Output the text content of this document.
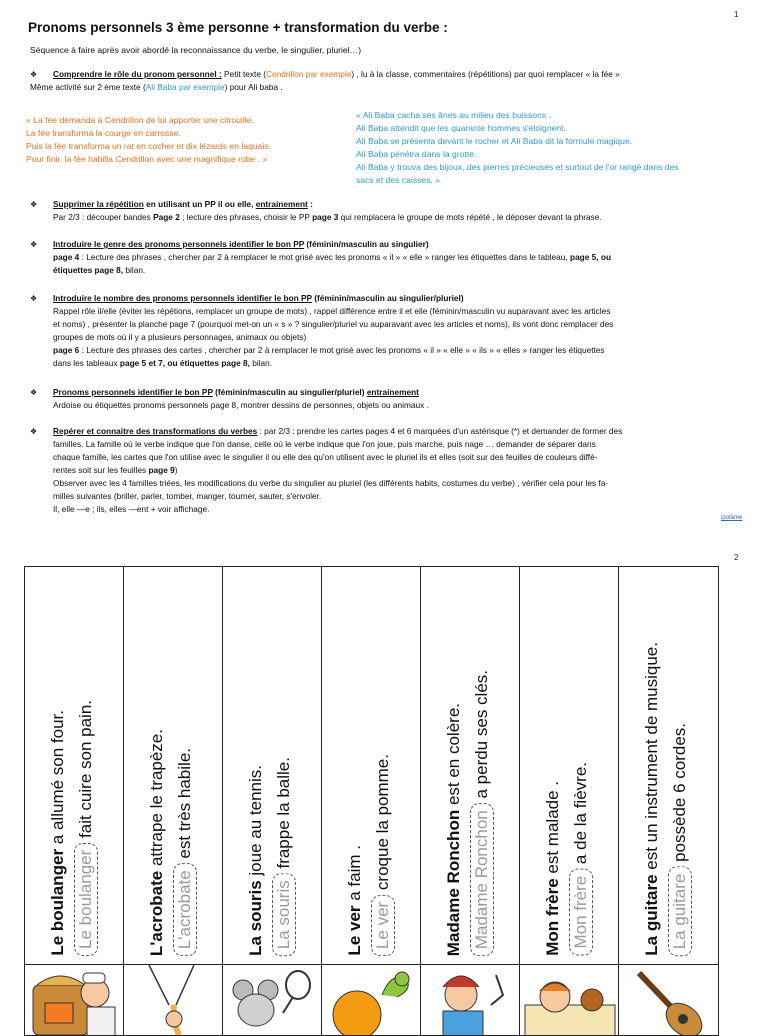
1
Pronoms personnels 3 ème personne + transformation du verbe :
Séquence à faire après avoir abordé la reconnaissance du verbe, le singulier, pluriel…)
❖ Comprendre le rôle du pronom personnel : Petit texte (Cendrillon par exemple) , lu à la classe, commentaires (répétitions) par quoi remplacer « la fée »
Même activité sur 2 ème texte (Ali Baba par exemple) pour Ali baba .
« La fée demanda à Cendrillon de lui apporter une citrouille.
La fée transforma la courge en carrosse.
Puis la fée transforma un rat en cocher et dix lézards en laquais.
Pour finir, la fée habilla Cendrillon avec une magnifique robe . »
« Ali Baba cacha ses ânes au milieu des buissons .
Ali Baba attendit que les quarante hommes s'éloignent.
Ali Baba se présenta devant le rocher et Ali Baba dit la formule magique.
Ali Baba pénétra dans la grotte.
Ali Baba y trouva des bijoux, des pierres précieuses et surtout de l'or rangé dans des
sacs et des caisses. »
❖ Supprimer la répétition en utilisant un PP il ou elle, entrainement :
Par 2/3 : découper bandes Page 2 ; lecture des phrases, choisir le PP page 3 qui remplacera le groupe de mots répété , le déposer devant la phrase.
❖ Introduire le genre des pronoms personnels identifier le bon PP (féminin/masculin au singulier)
page 4 : Lecture des phrases , chercher par 2 à remplacer le mot grisé avec les pronoms « il » « elle » ranger les étiquettes dans le tableau, page 5, ou
étiquettes page 8, bilan.
❖ Introduire le nombre des pronoms personnels identifier le bon PP (féminin/masculin au singulier/pluriel)
Rappel rôle il/elle (éviter les répétions, remplacer un groupe de mots) , rappel différence entre il et elle (féminin/masculin vu auparavant avec les articles
et noms) , présenter la planche page 7 (pourquoi met-on un « s » ? singulier/pluriel vu auparavant avec les articles et noms), ils vont donc remplacer des
groupes de mots où il y a plusieurs personnages, animaux ou objets)
page 6 : Lecture des phrases des cartes , chercher par 2 à remplacer le mot grisé avec les pronoms « il » « elle » « ils » « elles » ranger les étiquettes
dans les tableaux page 5 et 7, ou étiquettes page 8, bilan.
❖ Pronoms personnels identifier le bon PP (féminin/masculin au singulier/pluriel) entrainement
Ardoise ou étiquettes pronoms personnels page 8, montrer dessins de personnes, objets ou animaux .
❖ Repérer et connaitre des transformations du verbes : par 2/3 : prendre les cartes pages 4 et 6 marquées d'un astérisque (*) et demander de former des
familles. La famille où le verbe indique que l'on danse, celle où le verbe indique que l'on joue, puis marche, puis nage … demander de séparer dans
chaque famille, les cartes que l'on utilise avec le singulier il ou elle des qu'on utilisent avec le pluriel ils et elles (soit sur des feuilles de couleurs diffé-
rentes soit sur les feuilles page 9)
Observer avec les 4 familles triées, les modifications du verbe du singulier au pluriel (les différents habits, costumes du verbe) , vérifier cela pour les fa-
milles suivantes (briller, parler, tomber, manger, tourner, sauter, s'envoler.
Il, elle —e ; ils, elles —ent + voir affichage.
ipotâme
2
Le boulanger a allumé son four.
Le boulanger fait cuire son pain.
L'acrobate attrape le trapèze.
L'acrobate est très habile.
La souris joue au tennis.
La souris frappe la balle.
Le ver a faim .
Le ver croque la pomme.	Madame Ronchon est en colère.
Madame Ronchon a perdu ses clés.
Mon frère est malade .
Mon frère a de la fièvre.
La guitare est un instrument de musique.
La guitare possède 6 cordes.
